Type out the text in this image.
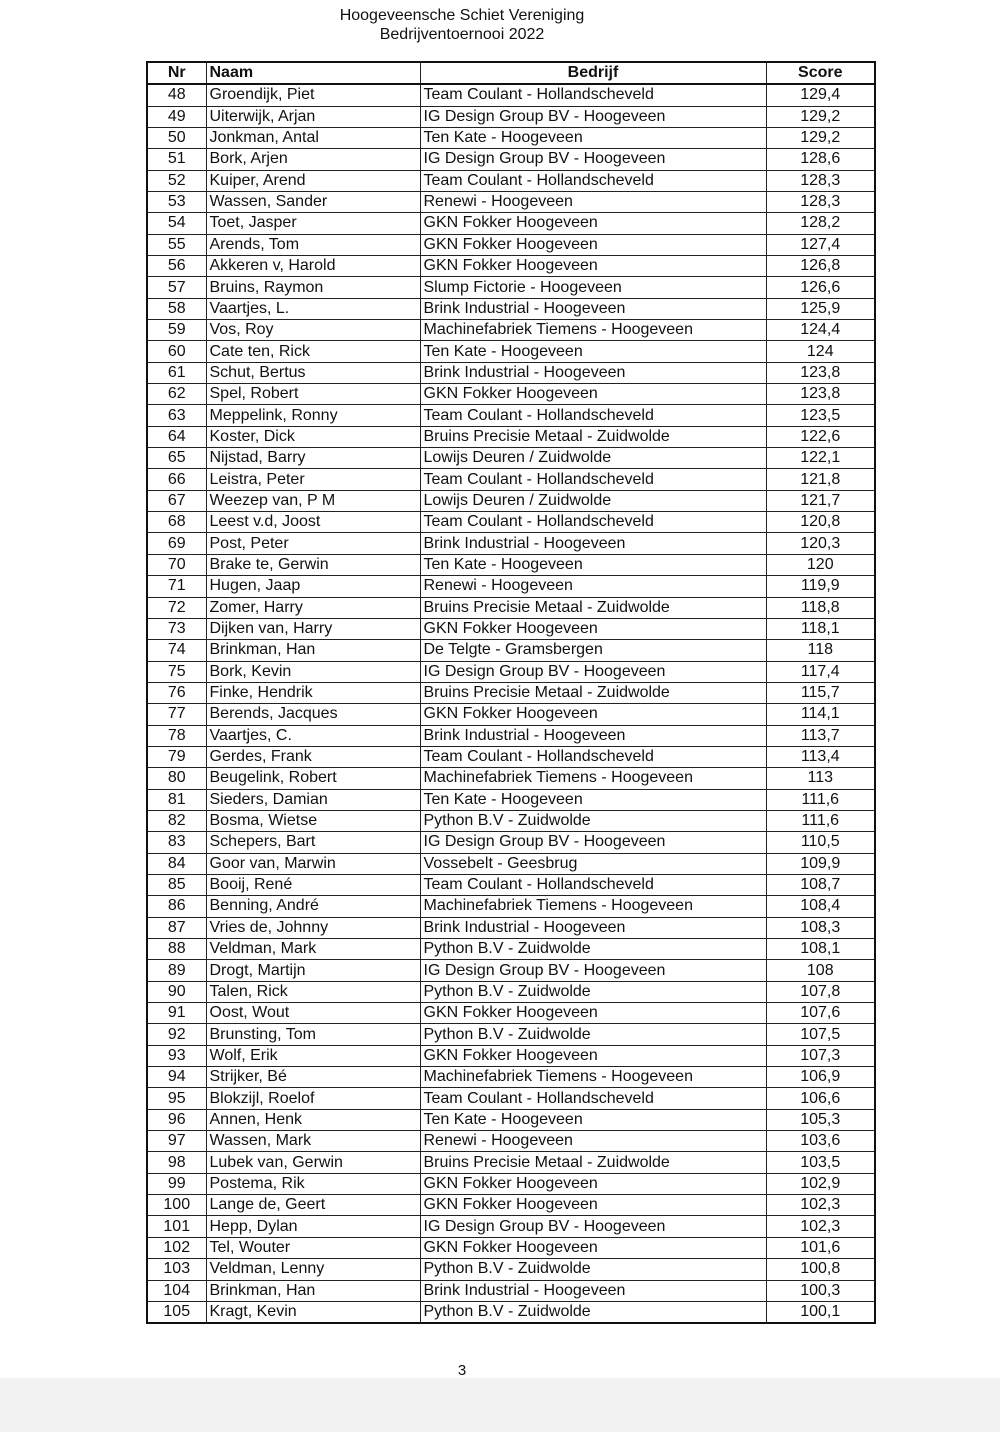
Hoogeveensche Schiet Vereniging
Bedrijventoernooi 2022
Nr	Naam	Bedrijf	Score
48	Groendijk, Piet	Team Coulant - Hollandscheveld	129,4
49	Uiterwijk, Arjan	IG Design Group BV - Hoogeveen	129,2
50	Jonkman, Antal	Ten Kate - Hoogeveen	129,2
51	Bork, Arjen	IG Design Group BV - Hoogeveen	128,6
52	Kuiper, Arend	Team Coulant - Hollandscheveld	128,3
53	Wassen, Sander	Renewi - Hoogeveen	128,3
54	Toet, Jasper	GKN Fokker Hoogeveen	128,2
55	Arends, Tom	GKN Fokker Hoogeveen	127,4
56	Akkeren v, Harold	GKN Fokker Hoogeveen	126,8
57	Bruins, Raymon	Slump Fictorie - Hoogeveen	126,6
58	Vaartjes, L.	Brink Industrial - Hoogeveen	125,9
59	Vos, Roy	Machinefabriek Tiemens - Hoogeveen	124,4
60	Cate ten, Rick	Ten Kate - Hoogeveen	124
61	Schut, Bertus	Brink Industrial - Hoogeveen	123,8
62	Spel, Robert	GKN Fokker Hoogeveen	123,8
63	Meppelink, Ronny	Team Coulant - Hollandscheveld	123,5
64	Koster, Dick	Bruins Precisie Metaal - Zuidwolde	122,6
65	Nijstad, Barry	Lowijs Deuren / Zuidwolde	122,1
66	Leistra, Peter	Team Coulant - Hollandscheveld	121,8
67	Weezep van, P M	Lowijs Deuren / Zuidwolde	121,7
68	Leest v.d, Joost	Team Coulant - Hollandscheveld	120,8
69	Post, Peter	Brink Industrial - Hoogeveen	120,3
70	Brake te, Gerwin	Ten Kate - Hoogeveen	120
71	Hugen, Jaap	Renewi - Hoogeveen	119,9
72	Zomer, Harry	Bruins Precisie Metaal - Zuidwolde	118,8
73	Dijken van, Harry	GKN Fokker Hoogeveen	118,1
74	Brinkman, Han	De Telgte - Gramsbergen	118
75	Bork, Kevin	IG Design Group BV - Hoogeveen	117,4
76	Finke, Hendrik	Bruins Precisie Metaal - Zuidwolde	115,7
77	Berends, Jacques	GKN Fokker Hoogeveen	114,1
78	Vaartjes, C.	Brink Industrial - Hoogeveen	113,7
79	Gerdes, Frank	Team Coulant - Hollandscheveld	113,4
80	Beugelink, Robert	Machinefabriek Tiemens - Hoogeveen	113
81	Sieders, Damian	Ten Kate - Hoogeveen	111,6
82	Bosma, Wietse	Python B.V - Zuidwolde	111,6
83	Schepers, Bart	IG Design Group BV - Hoogeveen	110,5
84	Goor van, Marwin	Vossebelt - Geesbrug	109,9
85	Booij, René	Team Coulant - Hollandscheveld	108,7
86	Benning, André	Machinefabriek Tiemens - Hoogeveen	108,4
87	Vries de, Johnny	Brink Industrial - Hoogeveen	108,3
88	Veldman, Mark	Python B.V - Zuidwolde	108,1
89	Drogt, Martijn	IG Design Group BV - Hoogeveen	108
90	Talen, Rick	Python B.V - Zuidwolde	107,8
91	Oost, Wout	GKN Fokker Hoogeveen	107,6
92	Brunsting, Tom	Python B.V - Zuidwolde	107,5
93	Wolf, Erik	GKN Fokker Hoogeveen	107,3
94	Strijker, Bé	Machinefabriek Tiemens - Hoogeveen	106,9
95	Blokzijl, Roelof	Team Coulant - Hollandscheveld	106,6
96	Annen, Henk	Ten Kate - Hoogeveen	105,3
97	Wassen, Mark	Renewi - Hoogeveen	103,6
98	Lubek van, Gerwin	Bruins Precisie Metaal - Zuidwolde	103,5
99	Postema, Rik	GKN Fokker Hoogeveen	102,9
100	Lange de, Geert	GKN Fokker Hoogeveen	102,3
101	Hepp, Dylan	IG Design Group BV - Hoogeveen	102,3
102	Tel, Wouter	GKN Fokker Hoogeveen	101,6
103	Veldman, Lenny	Python B.V - Zuidwolde	100,8
104	Brinkman, Han	Brink Industrial - Hoogeveen	100,3
105	Kragt, Kevin	Python B.V - Zuidwolde	100,1
3
